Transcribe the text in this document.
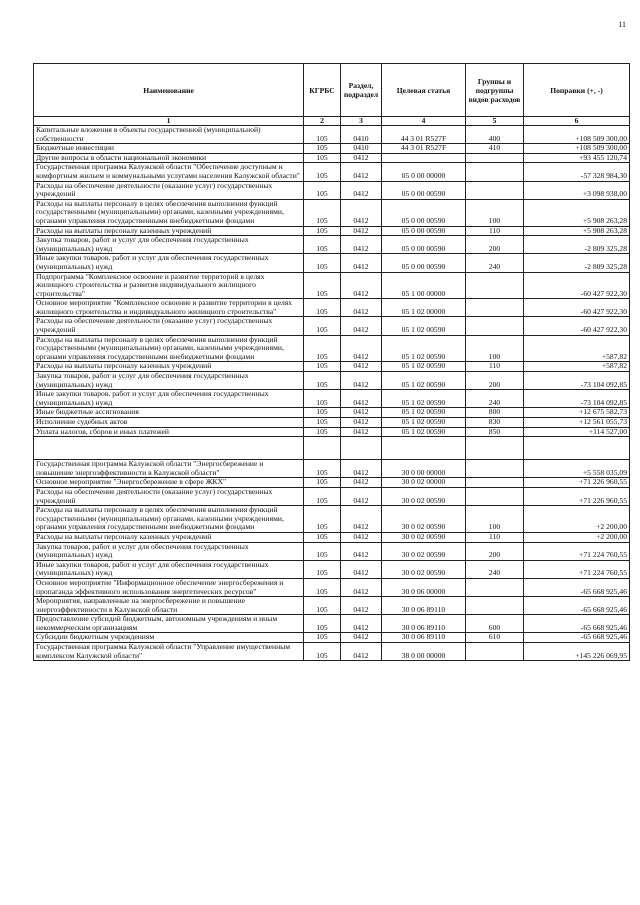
11
Наименование	КГРБС	Раздел, подраздел	Целевая статья	Группы и подгруппы видов расходов	Поправки (+, -)
1	2	3	4	5	6
Капитальные вложения в объекты государственной (муниципальной) собственности	105	0410	44 3 01 R527F	400	+108 509 300,00
Бюджетные инвестиции	105	0410	44 3 01 R527F	410	+108 509 300,00
Другие вопросы в области национальной экономики	105	0412			+93 455 120,74
Государственная программа Калужской области "Обеспечение доступным и комфортным жильем и коммунальными услугами населения Калужской области"	105	0412	05 0 00 00000		-57 328 984,30
Расходы на обеспечение деятельности (оказание услуг) государственных учреждений	105	0412	05 0 00 00590		+3 098 938,00
Расходы на выплаты персоналу в целях обеспечения выполнения функций государственными (муниципальными) органами, казенными учреждениями, органами управления государственными внебюджетными фондами	105	0412	05 0 00 00590	100	+5 908 263,28
Расходы на выплаты персоналу казенных учреждений	105	0412	05 0 00 00590	110	+5 908 263,28
Закупка товаров, работ и услуг для обеспечения государственных (муниципальных) нужд	105	0412	05 0 00 00590	200	-2 809 325,28
Иные закупки товаров, работ и услуг для обеспечения государственных (муниципальных) нужд	105	0412	05 0 00 00590	240	-2 809 325,28
Подпрограмма "Комплексное освоение и развитие территорий в целях жилищного строительства и развития индивидуального жилищного строительства"	105	0412	05 1 00 00000		-60 427 922,30
Основное мероприятие "Комплексное освоение и развитие территории в целях жилищного строительства и индивидуального жилищного строительства"	105	0412	05 1 02 00000		-60 427 922,30
Расходы на обеспечение деятельности (оказание услуг) государственных учреждений	105	0412	05 1 02 00590		-60 427 922,30
Расходы на выплаты персоналу в целях обеспечения выполнения функций государственными (муниципальными) органами, казенными учреждениями, органами управления государственными внебюджетными фондами	105	0412	05 1 02 00590	100	+587,82
Расходы на выплаты персоналу казенных учреждений	105	0412	05 1 02 00590	110	+587,82
Закупка товаров, работ и услуг для обеспечения государственных (муниципальных) нужд	105	0412	05 1 02 00590	200	-73 104 092,85
Иные закупки товаров, работ и услуг для обеспечения государственных (муниципальных) нужд	105	0412	05 1 02 00590	240	-73 104 092,85
Иные бюджетные ассигнования	105	0412	05 1 02 00590	800	+12 675 582,73
Исполнение судебных актов	105	0412	05 1 02 00590	830	+12 561 055,73
Уплата налогов, сборов и иных платежей	105	0412	05 1 02 00590	850	+114 527,00

Государственная программа Калужской области "Энергосбережение и повышение энергоэффективности в Калужской области"	105	0412	30 0 00 00000		+5 558 035,09
Основное мероприятие "Энергосбережение в сфере ЖКХ"	105	0412	30 0 02 00000		+71 226 960,55
Расходы на обеспечение деятельности (оказание услуг) государственных учреждений	105	0412	30 0 02 00590		+71 226 960,55
Расходы на выплаты персоналу в целях обеспечения выполнения функций государственными (муниципальными) органами, казенными учреждениями, органами управления государственными внебюджетными фондами	105	0412	30 0 02 00590	100	+2 200,00
Расходы на выплаты персоналу казенных учреждений	105	0412	30 0 02 00590	110	+2 200,00
Закупка товаров, работ и услуг для обеспечения государственных (муниципальных) нужд	105	0412	30 0 02 00590	200	+71 224 760,55
Иные закупки товаров, работ и услуг для обеспечения государственных (муниципальных) нужд	105	0412	30 0 02 00590	240	+71 224 760,55
Основное мероприятие "Информационное обеспечение энергосбережения и пропаганда эффективного использования энергетических ресурсов"	105	0412	30 0 06 00000		-65 668 925,46
Мероприятия, направленные на энергосбережение и повышение энергоэффективности в Калужской области	105	0412	30 0 06 89110		-65 668 925,46
Предоставление субсидий бюджетным, автономным учреждениям и иным некоммерческим организациям	105	0412	30 0 06 89110	600	-65 668 925,46
Субсидии бюджетным учреждениям	105	0412	30 0 06 89110	610	-65 668 925,46
Государственная программа Калужской области "Управление имущественным комплексом Калужской области"	105	0412	38 0 00 00000		+145 226 069,95
